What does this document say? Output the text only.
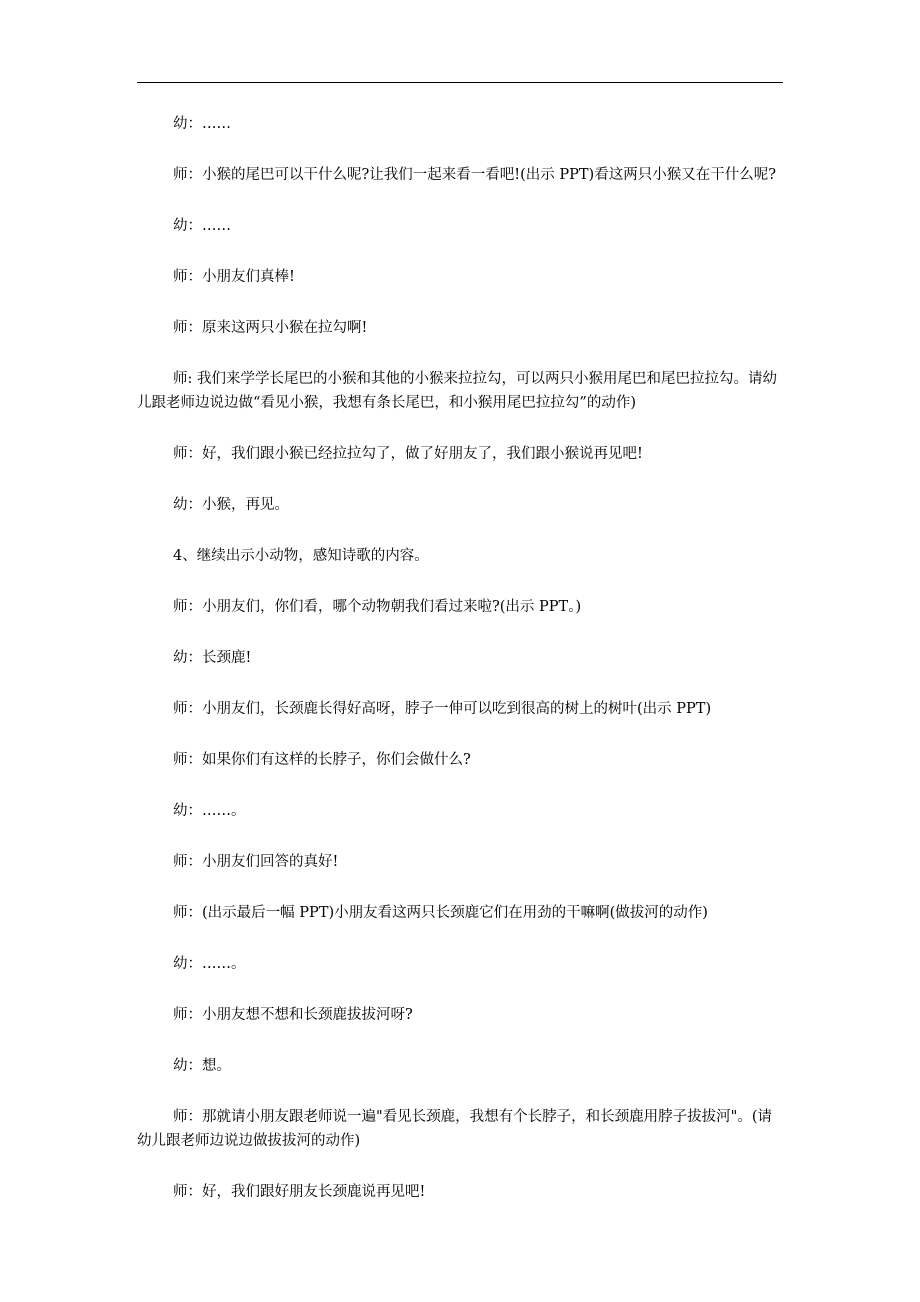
幼：……

师：小猴的尾巴可以干什么呢?让我们一起来看一看吧!(出示 PPT)看这两只小猴又在干什么呢?

幼：……

师：小朋友们真棒!

师：原来这两只小猴在拉勾啊!

师: 我们来学学长尾巴的小猴和其他的小猴来拉拉勾，可以两只小猴用尾巴和尾巴拉拉勾。请幼儿跟老师边说边做“看见小猴，我想有条长尾巴，和小猴用尾巴拉拉勾”的动作)

师：好，我们跟小猴已经拉拉勾了，做了好朋友了，我们跟小猴说再见吧!

幼：小猴，再见。

4、继续出示小动物，感知诗歌的内容。

师：小朋友们，你们看，哪个动物朝我们看过来啦?(出示 PPT。)

幼：长颈鹿!

师：小朋友们，长颈鹿长得好高呀，脖子一伸可以吃到很高的树上的树叶(出示 PPT)

师：如果你们有这样的长脖子，你们会做什么?

幼：……。

师：小朋友们回答的真好!

师：(出示最后一幅 PPT)小朋友看这两只长颈鹿它们在用劲的干嘛啊(做拔河的动作)

幼：……。

师：小朋友想不想和长颈鹿拔拔河呀?

幼：想。

师：那就请小朋友跟老师说一遍"看见长颈鹿，我想有个长脖子，和长颈鹿用脖子拔拔河"。(请幼儿跟老师边说边做拔拔河的动作)

师：好，我们跟好朋友长颈鹿说再见吧!
